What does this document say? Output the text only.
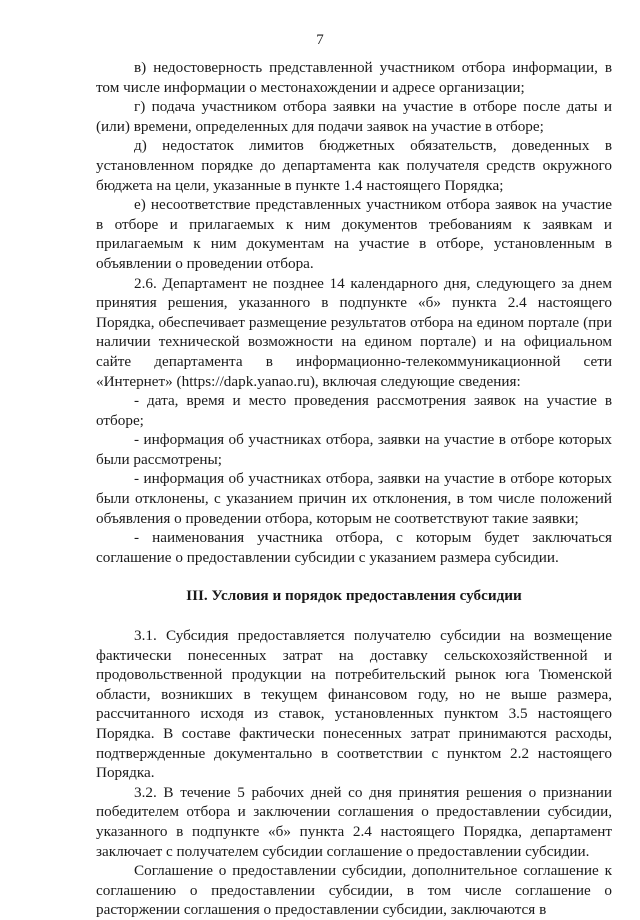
7

в) недостоверность представленной участником отбора информации, в том числе информации о местонахождении и адресе организации;

г) подача участником отбора заявки на участие в отборе после даты и (или) времени, определенных для подачи заявок на участие в отборе;

д) недостаток лимитов бюджетных обязательств, доведенных в установленном порядке до департамента как получателя средств окружного бюджета на цели, указанные в пункте 1.4 настоящего Порядка;

е) несоответствие представленных участником отбора заявок на участие в отборе и прилагаемых к ним документов требованиям к заявкам и прилагаемым к ним документам на участие в отборе, установленным в объявлении о проведении отбора.

2.6. Департамент не позднее 14 календарного дня, следующего за днем принятия решения, указанного в подпункте «б» пункта 2.4 настоящего Порядка, обеспечивает размещение результатов отбора на едином портале (при наличии технической возможности на едином портале) и на официальном сайте департамента в информационно-телекоммуникационной сети «Интернет» (https://dapk.yanao.ru), включая следующие сведения:

- дата, время и место проведения рассмотрения заявок на участие в отборе;

- информация об участниках отбора, заявки на участие в отборе которых были рассмотрены;

- информация об участниках отбора, заявки на участие в отборе которых были отклонены, с указанием причин их отклонения, в том числе положений объявления о проведении отбора, которым не соответствуют такие заявки;

- наименования участника отбора, с которым будет заключаться соглашение о предоставлении субсидии с указанием размера субсидии.

III. Условия и порядок предоставления субсидии

3.1. Субсидия предоставляется получателю субсидии на возмещение фактически понесенных затрат на доставку сельскохозяйственной и продовольственной продукции на потребительский рынок юга Тюменской области, возникших в текущем финансовом году, но не выше размера, рассчитанного исходя из ставок, установленных пунктом 3.5 настоящего Порядка. В составе фактически понесенных затрат принимаются расходы, подтвержденные документально в соответствии с пунктом 2.2 настоящего Порядка.

3.2. В течение 5 рабочих дней со дня принятия решения о признании победителем отбора и заключении соглашения о предоставлении субсидии, указанного в подпункте «б» пункта 2.4 настоящего Порядка, департамент заключает с получателем субсидии соглашение о предоставлении субсидии.

Соглашение о предоставлении субсидии, дополнительное соглашение к соглашению о предоставлении субсидии, в том числе соглашение о расторжении соглашения о предоставлении субсидии, заключаются в
